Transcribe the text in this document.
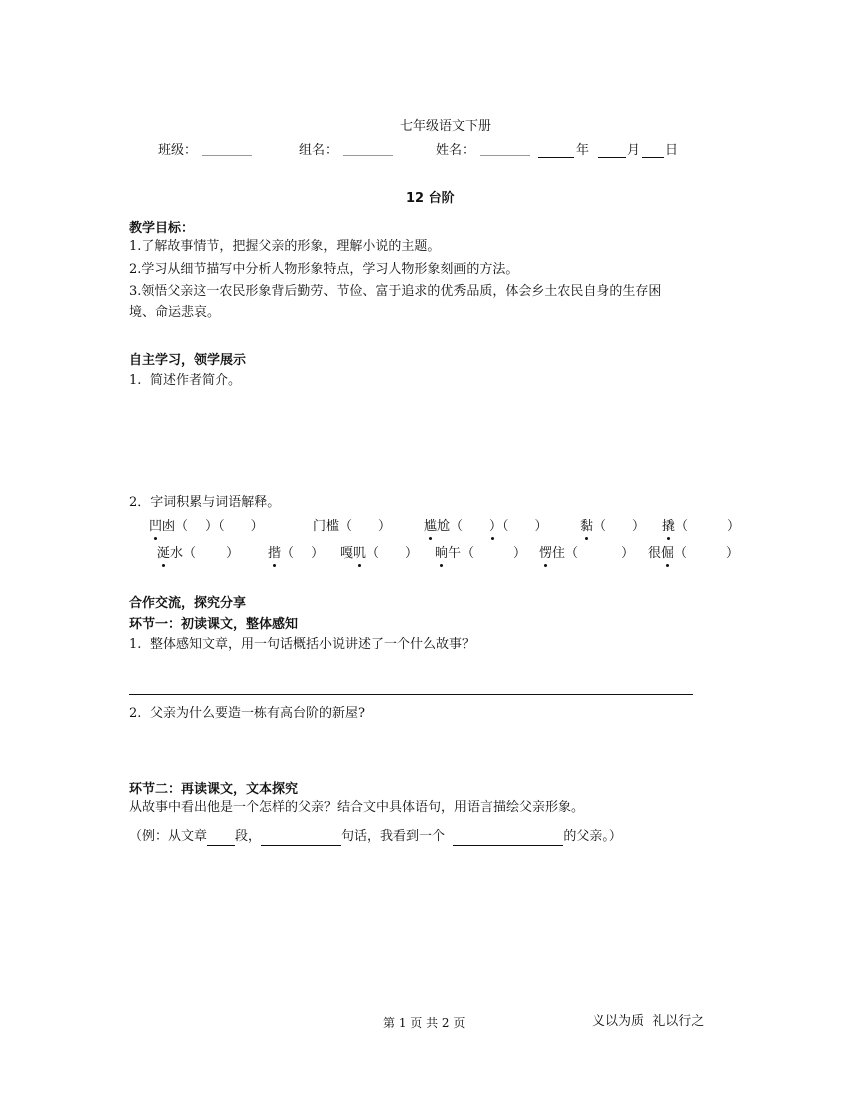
七年级语文下册
班级：	组名：	姓名：	年	月 日
12 台阶
教学目标：
1.了解故事情节，把握父亲的形象，理解小说的主题。
2.学习从细节描写中分析人物形象特点，学习人物形象刻画的方法。
3.领悟父亲这一农民形象背后勤劳、节俭、富于追求的优秀品质，体会乡土农民自身的生存困
境、命运悲哀。
自主学习，领学展示
1. 简述作者简介。
2．字词积累与词语解释。
凹凼（　 ）（　　）	门槛（　　）	尴尬（　　）（　　） 黏（　　） 撬（　　　）
涎水（　　 ） 揩（　 ） 嘎叽（　　） 晌午（　　　） 愣住（　　　 ） 很倔（　　　）
合作交流，探究分享
环节一：初读课文，整体感知
1. 整体感知文章，用一句话概括小说讲述了一个什么故事？
2. 父亲为什么要造一栋有高台阶的新屋?
环节二：再读课文，文本探究
从故事中看出他是一个怎样的父亲？结合文中具体语句，用语言描绘父亲形象。
（例：从文章 段，	句话，我看到一个	的父亲。）
第 1 页 共 2 页	义以为质  礼以行之
